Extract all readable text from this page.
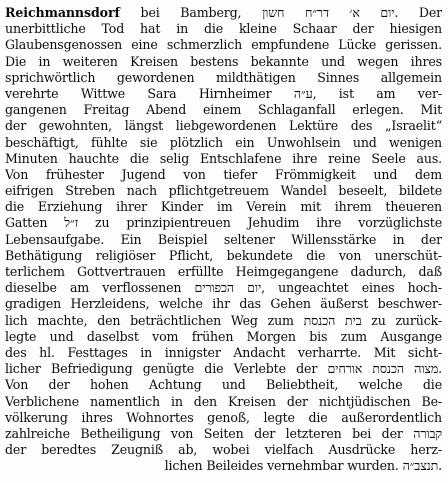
Reichmannsdorf bei Bamberg, יום א׳ דר״ח חשון. Der
unerbittliche Tod hat in die kleine Schaar der hiesigen
Glaubensgenossen eine schmerzlich empfundene Lücke gerissen.
Die in weiteren Kreisen bestens bekannte und wegen ihres
sprichwörtlich gewordenen mildthätigen Sinnes allgemein
verehrte Wittwe Sara Hirnheimer ע״ה, ist am ver-
gangenen Freitag Abend einem Schlaganfall erlegen. Mit
der gewohnten, längst liebgewordenen Lektüre des „Israelit“
beschäftigt, fühlte sie plötzlich ein Unwohlsein und wenigen
Minuten hauchte die selig Entschlafene ihre reine Seele aus.
Von frühester Jugend von tiefer Frömmigkeit und dem
eifrigen Streben nach pflichtgetreuem Wandel beseelt, bildete
die Erziehung ihrer Kinder im Verein mit ihrem theueren
Gatten ז״ל zu prinzipientreuen Jehudim ihre vorzüglichste
Lebensaufgabe. Ein Beispiel seltener Willensstärke in der
Bethätigung religiöser Pflicht, bekundete die von unerschüt-
terlichem Gottvertrauen erfüllte Heimgegangene dadurch, daß
dieselbe am verflossenen יום הכפורים, ungeachtet eines hoch-
gradigen Herzleidens, welche ihr das Gehen äußerst beschwer-
lich machte, den beträchtlichen Weg zum בית הכנסת zu zurück-
legte und daselbst vom frühen Morgen bis zum Ausgange
des hl. Festtages in innigster Andacht verharrte. Mit sicht-
licher Befriedigung genügte die Verlebte der מצוה הכנסת אורחים.
Von der hohen Achtung und Beliebtheit, welche die
Verblichene namentlich in den Kreisen der nichtjüdischen Be-
völkerung ihres Wohnortes genoß, legte die außerordentlich
zahlreiche Betheiligung von Seiten der letzteren bei der קבורה
der beredtes Zeugniß ab, wobei vielfach Ausdrücke herz-
lichen Beileides vernehmbar wurden. תנצב״ה.
